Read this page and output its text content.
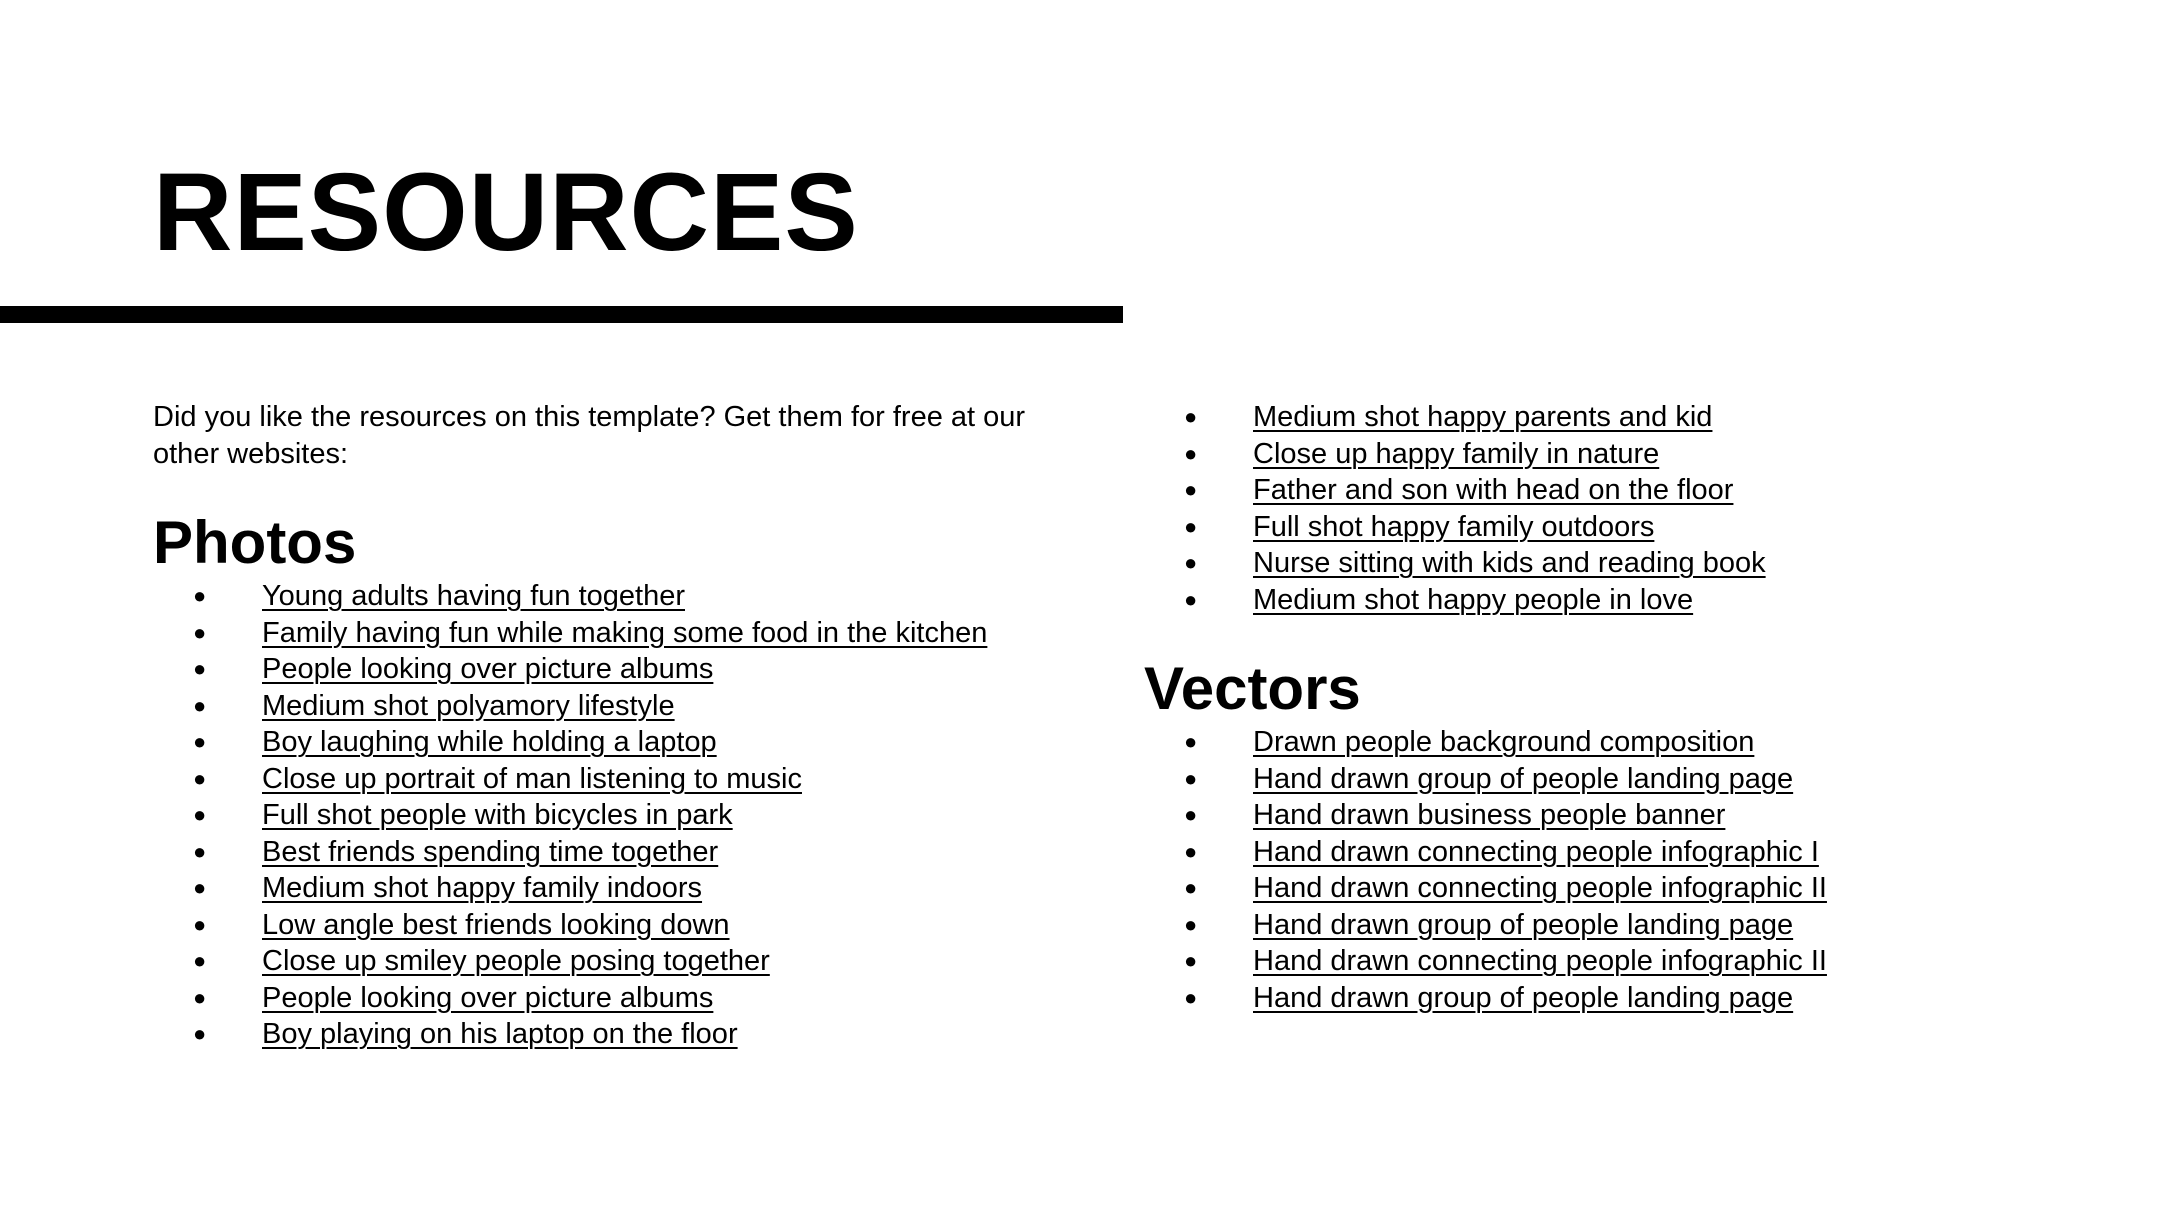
RESOURCES

Did you like the resources on this template? Get them for free at our other websites:

Photos
● Young adults having fun together
● Family having fun while making some food in the kitchen
● People looking over picture albums
● Medium shot polyamory lifestyle
● Boy laughing while holding a laptop
● Close up portrait of man listening to music
● Full shot people with bicycles in park
● Best friends spending time together
● Medium shot happy family indoors
● Low angle best friends looking down
● Close up smiley people posing together
● People looking over picture albums
● Boy playing on his laptop on the floor
● Medium shot happy parents and kid
● Close up happy family in nature
● Father and son with head on the floor
● Full shot happy family outdoors
● Nurse sitting with kids and reading book
● Medium shot happy people in love
Vectors
● Drawn people background composition
● Hand drawn group of people landing page
● Hand drawn business people banner
● Hand drawn connecting people infographic I
● Hand drawn connecting people infographic II
● Hand drawn group of people landing page
● Hand drawn connecting people infographic II
● Hand drawn group of people landing page
